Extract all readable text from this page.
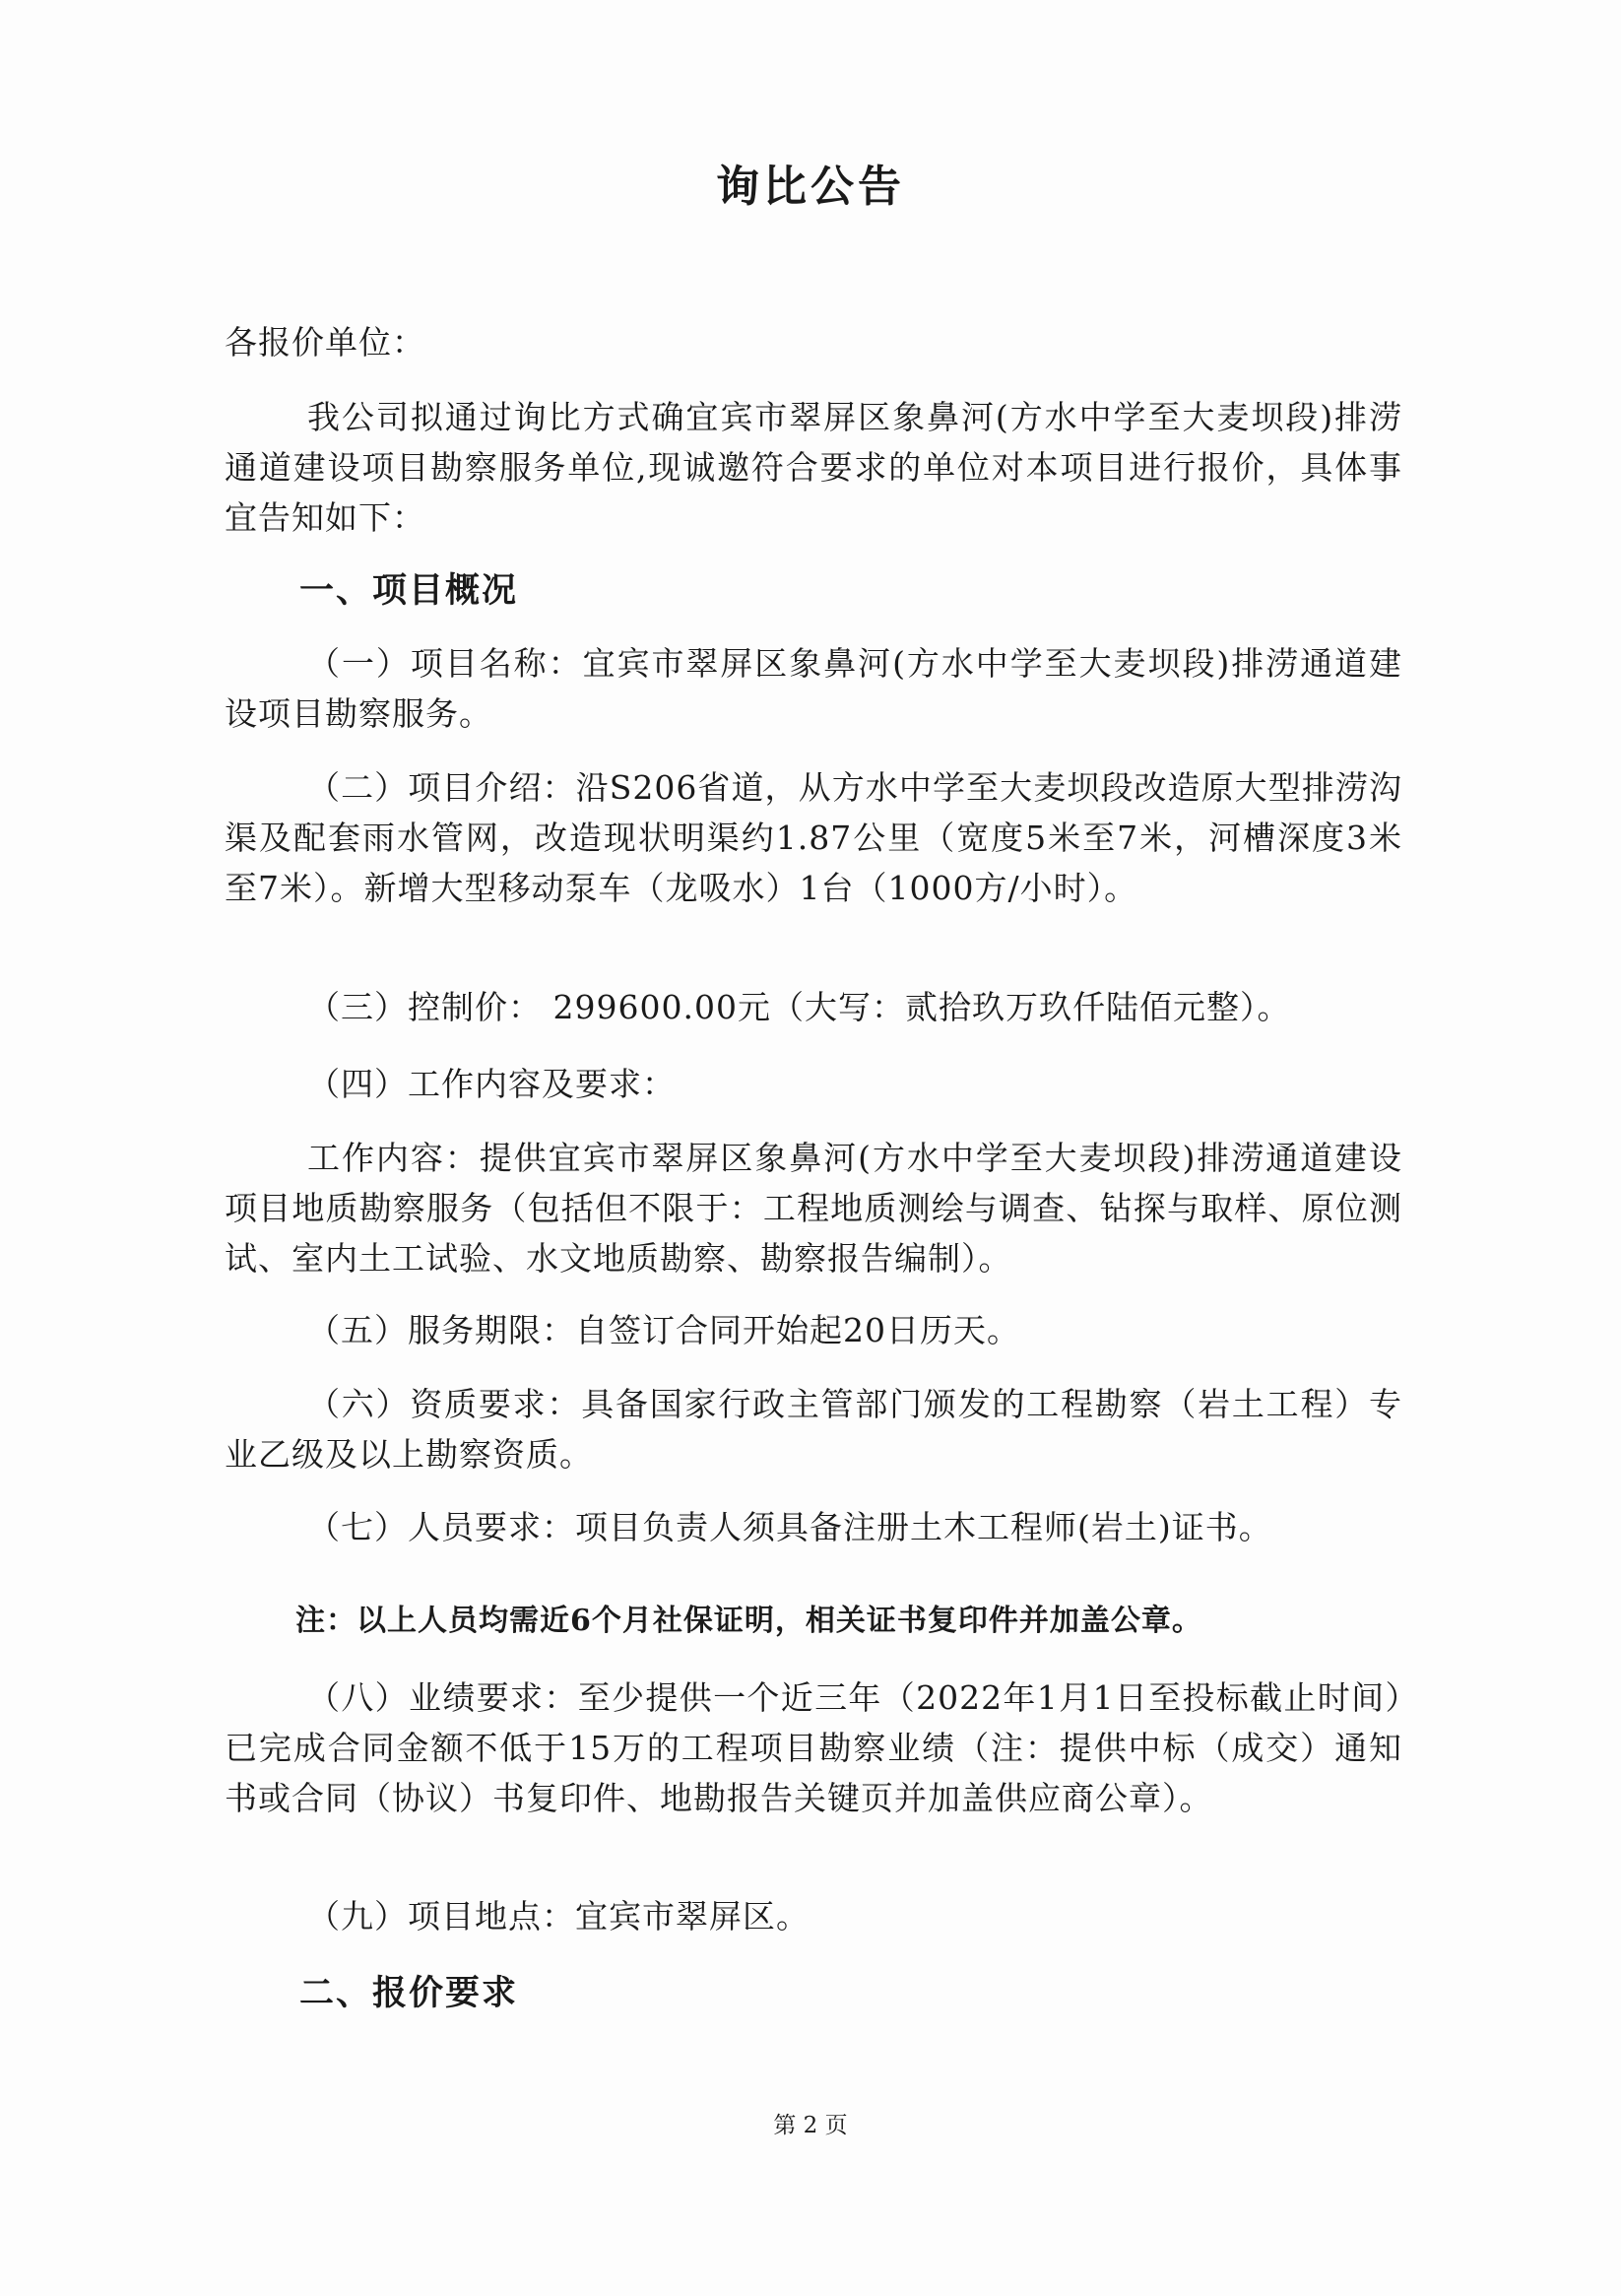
询比公告
各报价单位：
我公司拟通过询比方式确宜宾市翠屏区象鼻河(方水中学至大麦坝段)排涝通道建设项目勘察服务单位,现诚邀符合要求的单位对本项目进行报价，具体事宜告知如下：
一、项目概况
（一）项目名称：宜宾市翠屏区象鼻河(方水中学至大麦坝段)排涝通道建设项目勘察服务。
（二）项目介绍：沿S206省道，从方水中学至大麦坝段改造原大型排涝沟渠及配套雨水管网，改造现状明渠约1.87公里（宽度5米至7米，河槽深度3米至7米）。新增大型移动泵车（龙吸水）1台（1000方/小时）。
（三）控制价： 299600.00元（大写：贰拾玖万玖仟陆佰元整）。
（四）工作内容及要求：
工作内容：提供宜宾市翠屏区象鼻河(方水中学至大麦坝段)排涝通道建设项目地质勘察服务（包括但不限于：工程地质测绘与调查、钻探与取样、原位测试、室内土工试验、水文地质勘察、勘察报告编制）。
（五）服务期限：自签订合同开始起20日历天。
（六）资质要求：具备国家行政主管部门颁发的工程勘察（岩土工程）专业乙级及以上勘察资质。
（七）人员要求：项目负责人须具备注册土木工程师(岩土)证书。
注：以上人员均需近6个月社保证明，相关证书复印件并加盖公章。
（八）业绩要求：至少提供一个近三年（2022年1月1日至投标截止时间）已完成合同金额不低于15万的工程项目勘察业绩（注：提供中标（成交）通知书或合同（协议）书复印件、地勘报告关键页并加盖供应商公章）。
（九）项目地点：宜宾市翠屏区。
二、报价要求
第 2 页
